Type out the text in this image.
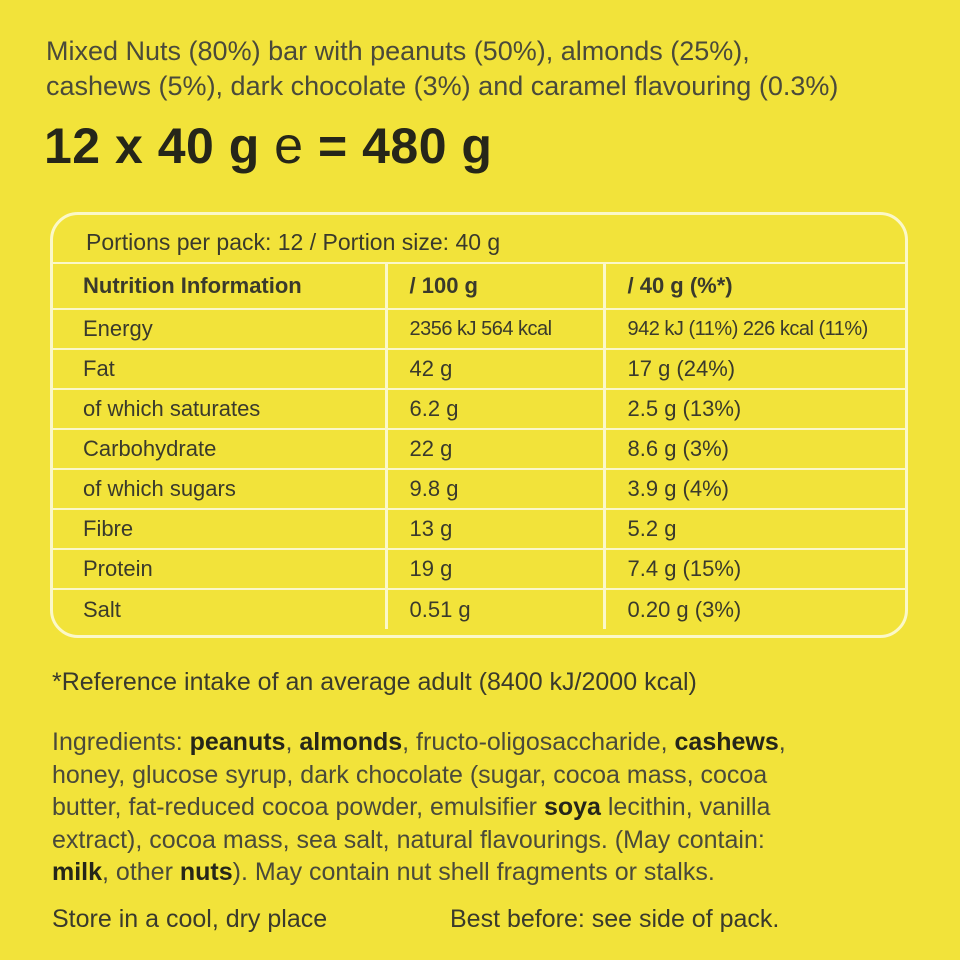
Mixed Nuts (80%) bar with peanuts (50%), almonds (25%),
cashews (5%), dark chocolate (3%) and caramel flavouring (0.3%)
12 x 40 g e = 480 g
Portions per pack: 12 / Portion size: 40 g
Nutrition Information	/ 100 g	/ 40 g (%*)
Energy	2356 kJ 564 kcal	942 kJ (11%) 226 kcal (11%)
Fat	42 g	17 g (24%)
of which saturates	6.2 g	2.5 g (13%)
Carbohydrate	22 g	8.6 g (3%)
of which sugars	9.8 g	3.9 g (4%)
Fibre	13 g	5.2 g
Protein	19 g	7.4 g (15%)
Salt	0.51 g	0.20 g (3%)
*Reference intake of an average adult (8400 kJ/2000 kcal)
Ingredients: peanuts, almonds, fructo-oligosaccharide, cashews,
honey, glucose syrup, dark chocolate (sugar, cocoa mass, cocoa
butter, fat-reduced cocoa powder, emulsifier soya lecithin, vanilla
extract), cocoa mass, sea salt, natural flavourings. (May contain:
milk, other nuts). May contain nut shell fragments or stalks.
Store in a cool, dry place	Best before: see side of pack.
